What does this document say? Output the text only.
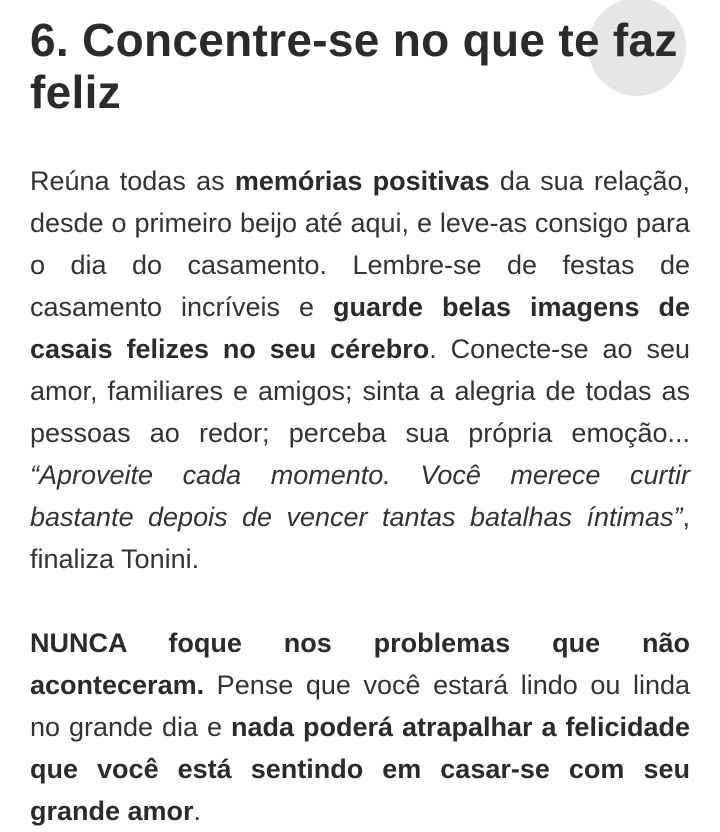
6. Concentre-se no que te faz feliz

Reúna todas as memórias positivas da sua relação, desde o primeiro beijo até aqui, e leve-as consigo para o dia do casamento. Lembre-se de festas de casamento incríveis e guarde belas imagens de casais felizes no seu cérebro. Conecte-se ao seu amor, familiares e amigos; sinta a alegria de todas as pessoas ao redor; perceba sua própria emoção... “Aproveite cada momento. Você merece curtir bastante depois de vencer tantas batalhas íntimas”, finaliza Tonini.

NUNCA foque nos problemas que não aconteceram. Pense que você estará lindo ou linda no grande dia e nada poderá atrapalhar a felicidade que você está sentindo em casar-se com seu grande amor.
